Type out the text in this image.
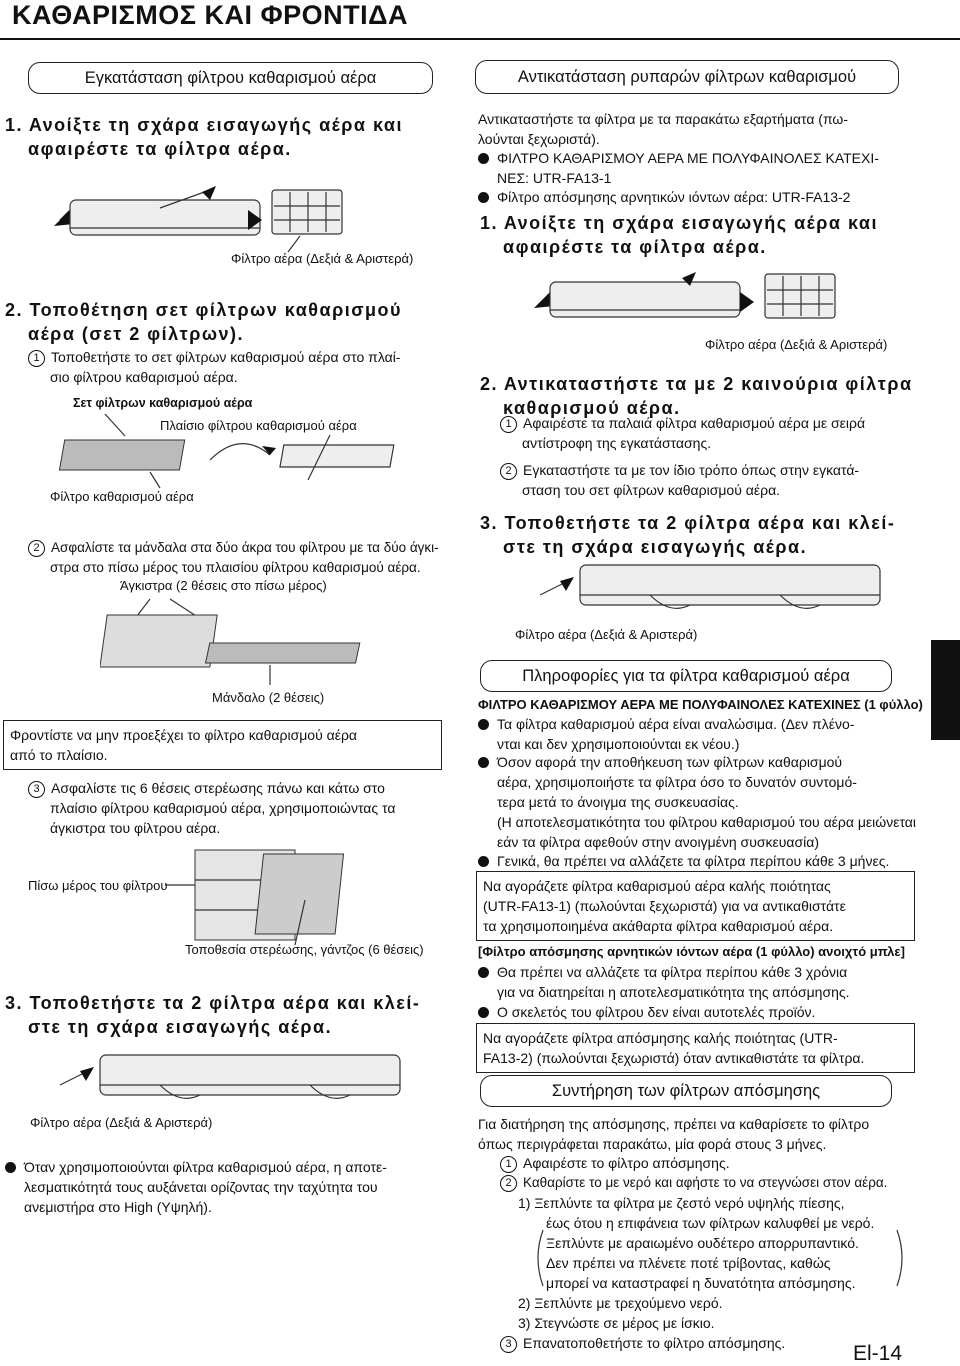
ΚΑΘΑΡΙΣΜΟΣ ΚΑΙ ΦΡΟΝΤΙΔΑ
Εγκατάσταση φίλτρου καθαρισμού αέρα
1. Ανοίξτε τη σχάρα εισαγωγής αέρα και
αφαιρέστε τα φίλτρα αέρα.
Φίλτρο αέρα (Δεξιά & Αριστερά)
2. Τοποθέτηση σετ φίλτρων καθαρισμού
αέρα (σετ 2 φίλτρων).
1 Τοποθετήστε το σετ φίλτρων καθαρισμού αέρα στο πλαί-
σιο φίλτρου καθαρισμού αέρα.
Σετ φίλτρων καθαρισμού αέρα
Πλαίσιο φίλτρου καθαρισμού αέρα
Φίλτρο καθαρισμού αέρα
2 Ασφαλίστε τα μάνδαλα στα δύο άκρα του φίλτρου με τα δύο άγκι-
στρα στο πίσω μέρος του πλαισίου φίλτρου καθαρισμού αέρα.
Άγκιστρα (2 θέσεις στο πίσω μέρος)
Μάνδαλο (2 θέσεις)
Φροντίστε να μην προεξέχει το φίλτρο καθαρισμού αέρα
από το πλαίσιο.
3 Ασφαλίστε τις 6 θέσεις στερέωσης πάνω και κάτω στο
πλαίσιο φίλτρου καθαρισμού αέρα, χρησιμοποιώντας τα
άγκιστρα του φίλτρου αέρα.
Πίσω μέρος του φίλτρου
Τοποθεσία στερέωσης, γάντζος (6 θέσεις)
3. Τοποθετήστε τα 2 φίλτρα αέρα και κλεί-
στε τη σχάρα εισαγωγής αέρα.
Φίλτρο αέρα (Δεξιά & Αριστερά)
Όταν χρησιμοποιούνται φίλτρα καθαρισμού αέρα, η αποτε-
λεσματικότητά τους αυξάνεται ορίζοντας την ταχύτητα του
ανεμιστήρα στο High (Υψηλή).
Αντικατάσταση ρυπαρών φίλτρων καθαρισμού
Αντικαταστήστε τα φίλτρα με τα παρακάτω εξαρτήματα (πω-
λούνται ξεχωριστά).
ΦΙΛΤΡΟ ΚΑΘΑΡΙΣΜΟΥ ΑΕΡΑ ΜΕ ΠΟΛΥΦΑΙΝΟΛΕΣ ΚΑΤΕΧΙ-
ΝΕΣ: UTR-FA13-1
Φίλτρο απόσμησης αρνητικών ιόντων αέρα: UTR-FA13-2
1. Ανοίξτε τη σχάρα εισαγωγής αέρα και
αφαιρέστε τα φίλτρα αέρα.
Φίλτρο αέρα (Δεξιά & Αριστερά)
2. Αντικαταστήστε τα με 2 καινούρια φίλτρα
καθαρισμού αέρα.
1 Αφαιρέστε τα παλαιά φίλτρα καθαρισμού αέρα με σειρά
αντίστροφη της εγκατάστασης.
2 Εγκαταστήστε τα με τον ίδιο τρόπο όπως στην εγκατά-
σταση του σετ φίλτρων καθαρισμού αέρα.
3. Τοποθετήστε τα 2 φίλτρα αέρα και κλεί-
στε τη σχάρα εισαγωγής αέρα.
Φίλτρο αέρα (Δεξιά & Αριστερά)
Πληροφορίες για τα φίλτρα καθαρισμού αέρα
ΦΙΛΤΡΟ ΚΑΘΑΡΙΣΜΟΥ ΑΕΡΑ ΜΕ ΠΟΛΥΦΑΙΝΟΛΕΣ ΚΑΤΕΧΙΝΕΣ (1 φύλλο)
Τα φίλτρα καθαρισμού αέρα είναι αναλώσιμα. (Δεν πλένο-
νται και δεν χρησιμοποιούνται εκ νέου.)
Όσον αφορά την αποθήκευση των φίλτρων καθαρισμού
αέρα, χρησιμοποιήστε τα φίλτρα όσο το δυνατόν συντομό-
τερα μετά το άνοιγμα της συσκευασίας.
(Η αποτελεσματικότητα του φίλτρου καθαρισμού του αέρα μειώνεται
εάν τα φίλτρα αφεθούν στην ανοιγμένη συσκευασία)
Γενικά, θα πρέπει να αλλάζετε τα φίλτρα περίπου κάθε 3 μήνες.
Να αγοράζετε φίλτρα καθαρισμού αέρα καλής ποιότητας
(UTR-FA13-1) (πωλούνται ξεχωριστά) για να αντικαθιστάτε
τα χρησιμοποιημένα ακάθαρτα φίλτρα καθαρισμού αέρα.
[Φίλτρο απόσμησης αρνητικών ιόντων αέρα (1 φύλλο) ανοιχτό μπλε]
Θα πρέπει να αλλάζετε τα φίλτρα περίπου κάθε 3 χρόνια
για να διατηρείται η αποτελεσματικότητα της απόσμησης.
Ο σκελετός του φίλτρου δεν είναι αυτοτελές προϊόν.
Να αγοράζετε φίλτρα απόσμησης καλής ποιότητας (UTR-
FA13-2) (πωλούνται ξεχωριστά) όταν αντικαθιστάτε τα φίλτρα.
Συντήρηση των φίλτρων απόσμησης
Για διατήρηση της απόσμησης, πρέπει να καθαρίσετε το φίλτρο
όπως περιγράφεται παρακάτω, μία φορά στους 3 μήνες.
1 Αφαιρέστε το φίλτρο απόσμησης.
2 Καθαρίστε το με νερό και αφήστε το να στεγνώσει στον αέρα.
1) Ξεπλύντε τα φίλτρα με ζεστό νερό υψηλής πίεσης,
έως ότου η επιφάνεια των φίλτρων καλυφθεί με νερό.
Ξεπλύντε με αραιωμένο ουδέτερο απορρυπαντικό.
Δεν πρέπει να πλένετε ποτέ τρίβοντας, καθώς
μπορεί να καταστραφεί η δυνατότητα απόσμησης.
2) Ξεπλύντε με τρεχούμενο νερό.
3) Στεγνώστε σε μέρος με ίσκιο.
3 Επανατοποθετήστε το φίλτρο απόσμησης.	El-14
